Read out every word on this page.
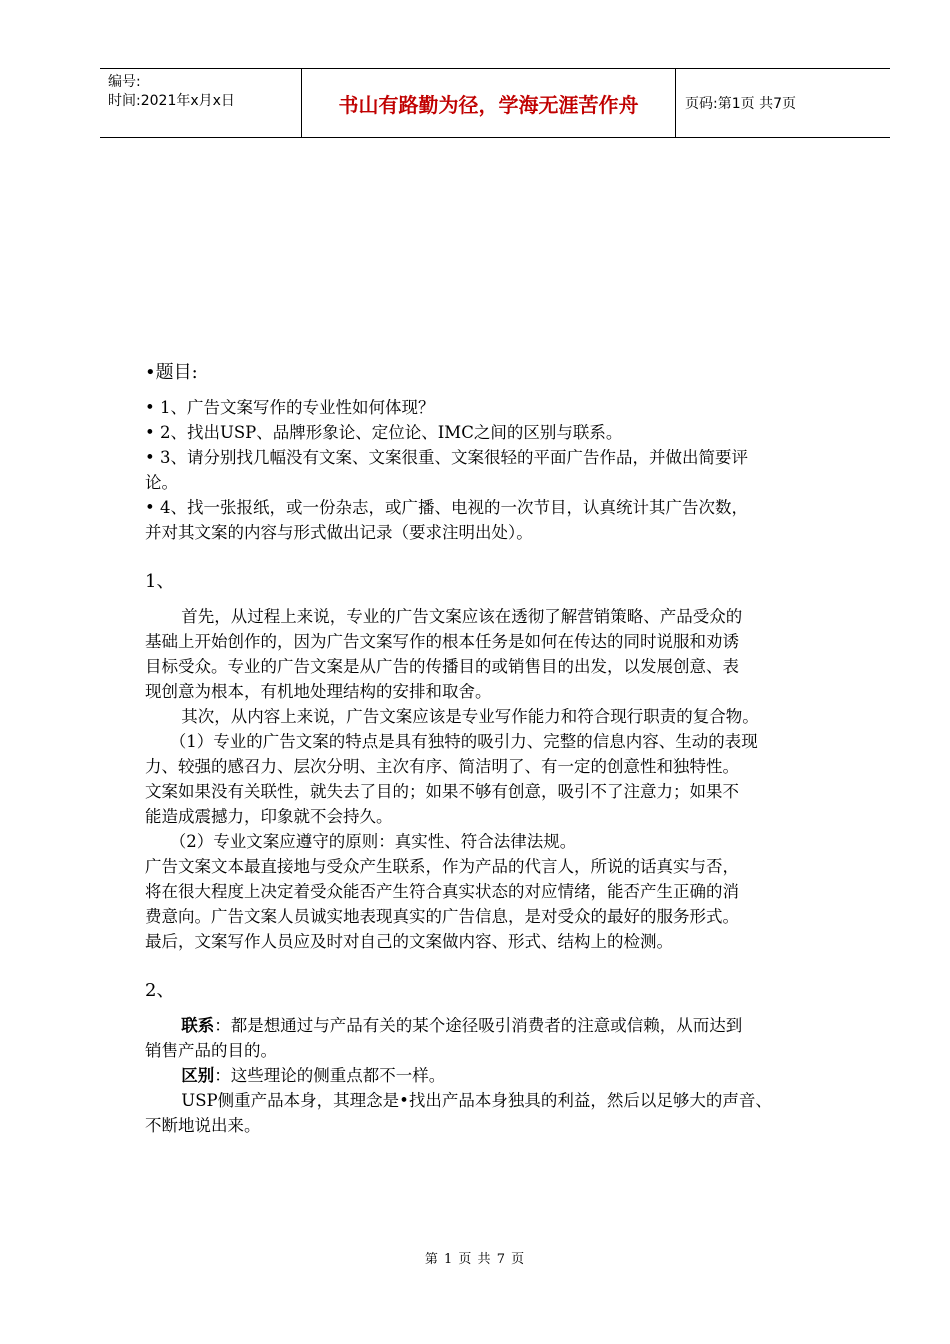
编号:
时间:2021年x月x日	书山有路勤为径，学海无涯苦作舟	页码:第1页 共7页
•题目:
• 1、广告文案写作的专业性如何体现？
• 2、找出USP、品牌形象论、定位论、IMC之间的区别与联系。
• 3、请分别找几幅没有文案、文案很重、文案很轻的平面广告作品，并做出简要评
论。
• 4、找一张报纸，或一份杂志，或广播、电视的一次节目，认真统计其广告次数，
并对其文案的内容与形式做出记录（要求注明出处）。
1、
首先，从过程上来说，专业的广告文案应该在透彻了解营销策略、产品受众的
基础上开始创作的，因为广告文案写作的根本任务是如何在传达的同时说服和劝诱
目标受众。专业的广告文案是从广告的传播目的或销售目的出发，以发展创意、表
现创意为根本，有机地处理结构的安排和取舍。
其次，从内容上来说，广告文案应该是专业写作能力和符合现行职责的复合物。
（1）专业的广告文案的特点是具有独特的吸引力、完整的信息内容、生动的表现
力、较强的感召力、层次分明、主次有序、简洁明了、有一定的创意性和独特性。
文案如果没有关联性，就失去了目的；如果不够有创意，吸引不了注意力；如果不
能造成震撼力，印象就不会持久。
（2）专业文案应遵守的原则：真实性、符合法律法规。
广告文案文本最直接地与受众产生联系，作为产品的代言人，所说的话真实与否，
将在很大程度上决定着受众能否产生符合真实状态的对应情绪，能否产生正确的消
费意向。广告文案人员诚实地表现真实的广告信息，是对受众的最好的服务形式。
最后，文案写作人员应及时对自己的文案做内容、形式、结构上的检测。
2、
联系：都是想通过与产品有关的某个途径吸引消费者的注意或信赖，从而达到
销售产品的目的。
区别：这些理论的侧重点都不一样。
USP侧重产品本身，其理念是•找出产品本身独具的利益，然后以足够大的声音、
不断地说出来。
第 1 页 共 7 页
